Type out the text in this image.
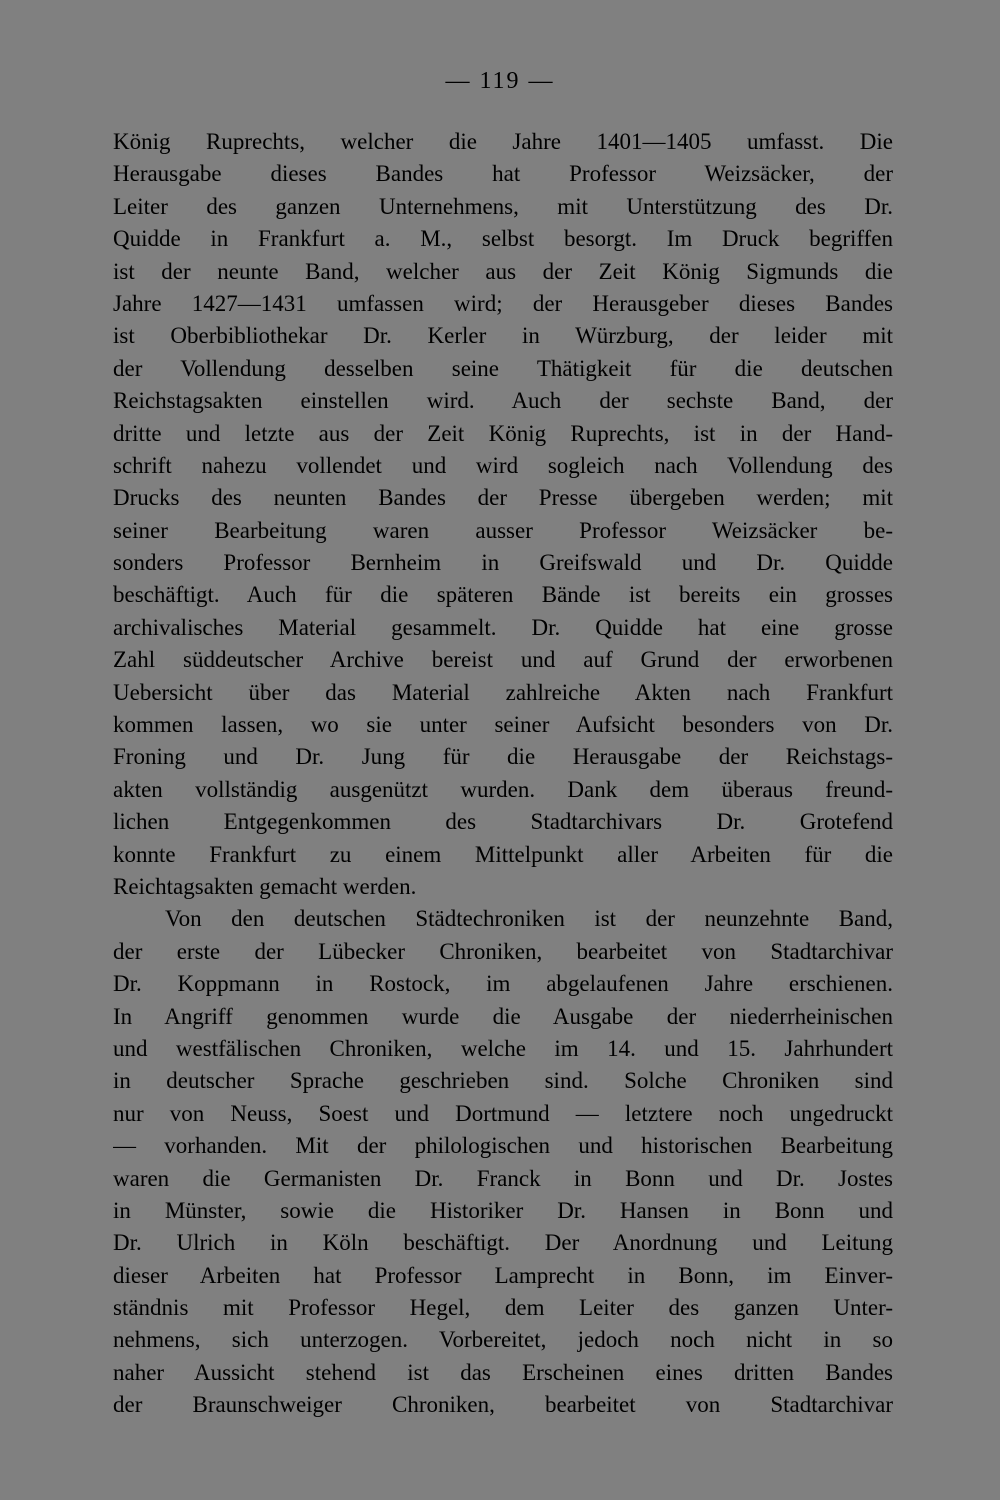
— 119 —
König Ruprechts, welcher die Jahre 1401—1405 umfasst. Die
Herausgabe dieses Bandes hat Professor Weizsäcker, der
Leiter des ganzen Unternehmens, mit Unterstützung des Dr.
Quidde in Frankfurt a. M., selbst besorgt. Im Druck begriffen
ist der neunte Band, welcher aus der Zeit König Sigmunds die
Jahre 1427—1431 umfassen wird; der Herausgeber dieses Bandes
ist Oberbibliothekar Dr. Kerler in Würzburg, der leider mit
der Vollendung desselben seine Thätigkeit für die deutschen
Reichstagsakten einstellen wird. Auch der sechste Band, der
dritte und letzte aus der Zeit König Ruprechts, ist in der Hand-
schrift nahezu vollendet und wird sogleich nach Vollendung des
Drucks des neunten Bandes der Presse übergeben werden; mit
seiner Bearbeitung waren ausser Professor Weizsäcker be-
sonders Professor Bernheim in Greifswald und Dr. Quidde
beschäftigt. Auch für die späteren Bände ist bereits ein grosses
archivalisches Material gesammelt. Dr. Quidde hat eine grosse
Zahl süddeutscher Archive bereist und auf Grund der erworbenen
Uebersicht über das Material zahlreiche Akten nach Frankfurt
kommen lassen, wo sie unter seiner Aufsicht besonders von Dr.
Froning und Dr. Jung für die Herausgabe der Reichstags-
akten vollständig ausgenützt wurden. Dank dem überaus freund-
lichen Entgegenkommen des Stadtarchivars Dr. Grotefend
konnte Frankfurt zu einem Mittelpunkt aller Arbeiten für die
Reichtagsakten gemacht werden.
Von den deutschen Städtechroniken ist der neunzehnte Band,
der erste der Lübecker Chroniken, bearbeitet von Stadtarchivar
Dr. Koppmann in Rostock, im abgelaufenen Jahre erschienen.
In Angriff genommen wurde die Ausgabe der niederrheinischen
und westfälischen Chroniken, welche im 14. und 15. Jahrhundert
in deutscher Sprache geschrieben sind. Solche Chroniken sind
nur von Neuss, Soest und Dortmund — letztere noch ungedruckt
— vorhanden. Mit der philologischen und historischen Bearbeitung
waren die Germanisten Dr. Franck in Bonn und Dr. Jostes
in Münster, sowie die Historiker Dr. Hansen in Bonn und
Dr. Ulrich in Köln beschäftigt. Der Anordnung und Leitung
dieser Arbeiten hat Professor Lamprecht in Bonn, im Einver-
ständnis mit Professor Hegel, dem Leiter des ganzen Unter-
nehmens, sich unterzogen. Vorbereitet, jedoch noch nicht in so
naher Aussicht stehend ist das Erscheinen eines dritten Bandes
der Braunschweiger Chroniken, bearbeitet von Stadtarchivar
